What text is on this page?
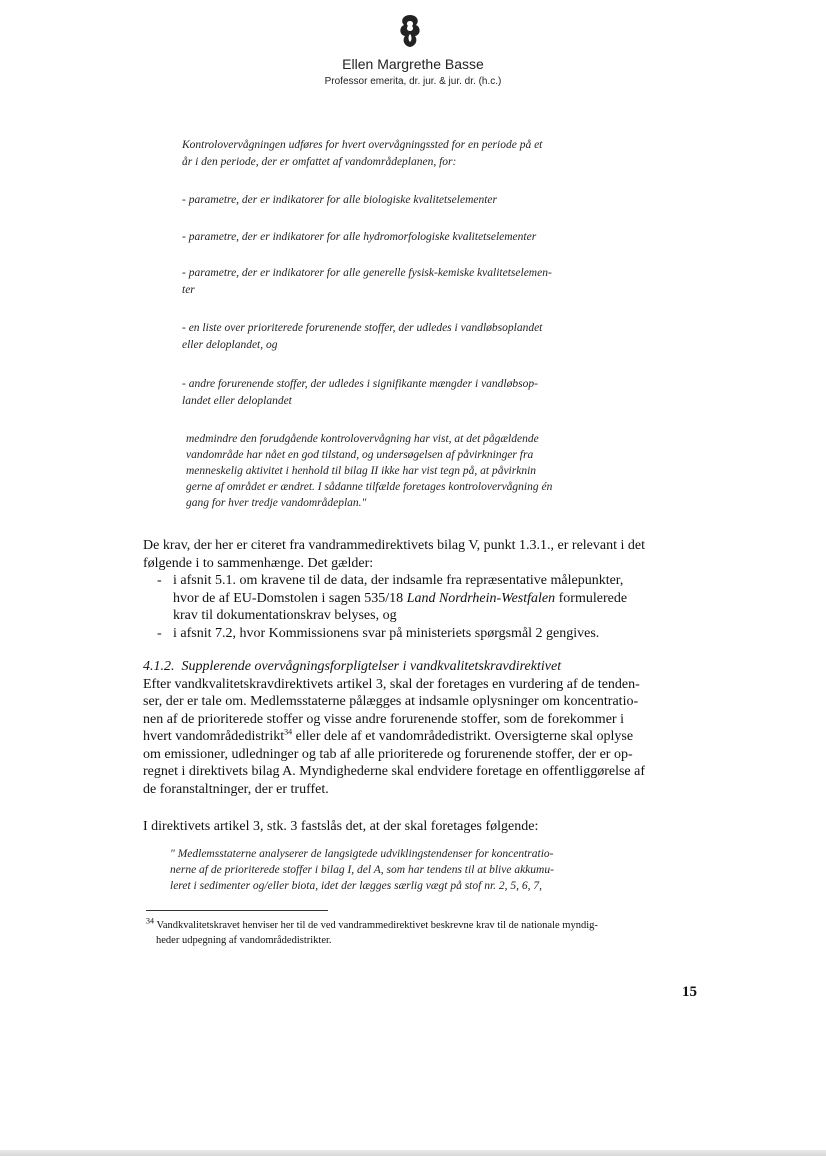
Ellen Margrethe Basse
Professor emerita, dr. jur. & jur. dr. (h.c.)
Kontrolovervågningen udføres for hvert overvågningssted for en periode på et
år i den periode, der er omfattet af vandområdeplanen, for:
- parametre, der er indikatorer for alle biologiske kvalitetselementer
- parametre, der er indikatorer for alle hydromorfologiske kvalitetselementer
- parametre, der er indikatorer for alle generelle fysisk-kemiske kvalitetselemen-
ter
- en liste over prioriterede forurenende stoffer, der udledes i vandløbsoplandet
eller deloplandet, og
- andre forurenende stoffer, der udledes i signifikante mængder i vandløbsop-
landet eller deloplandet
medmindre den forudgående kontrolovervågning har vist, at det pågældende
vandområde har nået en god tilstand, og undersøgelsen af påvirkninger fra
menneskelig aktivitet i henhold til bilag II ikke har vist tegn på, at påvirknin
gerne af området er ændret. I sådanne tilfælde foretages kontrolovervågning én
gang for hver tredje vandområdeplan."
De krav, der her er citeret fra vandrammedirektivets bilag V, punkt 1.3.1., er relevant i det
følgende i to sammenhænge. Det gælder:
- i afsnit 5.1. om kravene til de data, der indsamle fra repræsentative målepunkter,
hvor de af EU-Domstolen i sagen 535/18 Land Nordrhein-Westfalen formulerede
krav til dokumentationskrav belyses, og
- i afsnit 7.2, hvor Kommissionens svar på ministeriets spørgsmål 2 gengives.
4.1.2. Supplerende overvågningsforpligtelser i vandkvalitetskravdirektivet
Efter vandkvalitetskravdirektivets artikel 3, skal der foretages en vurdering af de tenden-
ser, der er tale om. Medlemsstaterne pålægges at indsamle oplysninger om koncentratio-
nen af de prioriterede stoffer og visse andre forurenende stoffer, som de forekommer i
hvert vandområdedistrikt$^{34}$ eller dele af et vandområdedistrikt. Oversigterne skal oplyse
om emissioner, udledninger og tab af alle prioriterede og forurenende stoffer, der er op-
regnet i direktivets bilag A. Myndighederne skal endvidere foretage en offentliggørelse af
de foranstaltninger, der er truffet.
I direktivets artikel 3, stk. 3 fastslås det, at der skal foretages følgende:
" Medlemsstaterne analyserer de langsigtede udviklingstendenser for koncentratio-
nerne af de prioriterede stoffer i bilag I, del A, som har tendens til at blive akkumu-
leret i sedimenter og/eller biota, idet der lægges særlig vægt på stof nr. 2, 5, 6, 7,
$^{34}$ Vandkvalitetskravet henviser her til de ved vandrammedirektivet beskrevne krav til de nationale myndig-
heder udpegning af vandområdedistrikter.
15
